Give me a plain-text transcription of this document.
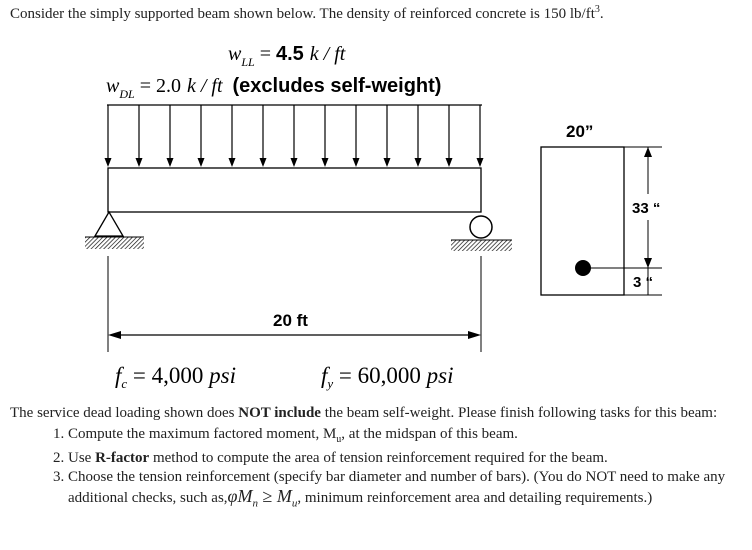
Consider the simply supported beam shown below. The density of reinforced concrete is 150 $lb/ft^3$.
$w_{LL} = 4.5$ k / ft
$w_{DL} = 2.0$ k / ft (excludes self-weight)
20 ft
20”
33 “
3 “
$f_c = 4,000$ psi	$f_y = 60,000$ psi
The service dead loading shown does NOT include the beam self-weight. Please finish following tasks for this beam:
1. Compute the maximum factored moment, $M_u$, at the midspan of this beam.
2. Use R-factor method to compute the area of tension reinforcement required for the beam.
3. Choose the tension reinforcement (specify bar diameter and number of bars). (You do NOT need to make any additional checks, such $as,\varphi M_n \ge M_u$, minimum reinforcement area and detailing requirements.)
